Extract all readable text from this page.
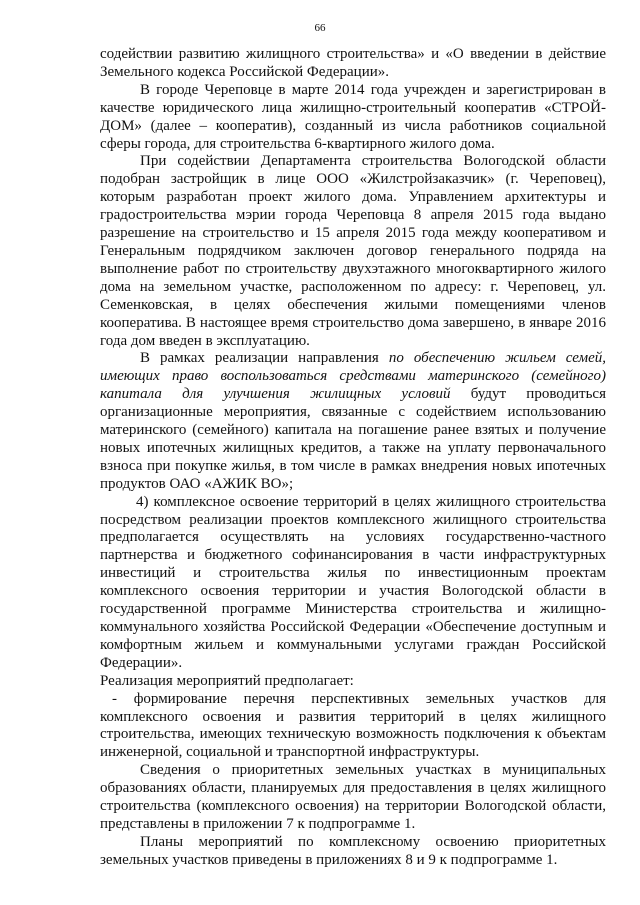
66

содействии развитию жилищного строительства» и «О введении в действие Земельного кодекса Российской Федерации».

В городе Череповце в марте 2014 года учрежден и зарегистрирован в качестве юридического лица жилищно-строительный кооператив «СТРОЙ-ДОМ» (далее – кооператив), созданный из числа работников социальной сферы города, для строительства 6-квартирного жилого дома.

При содействии Департамента строительства Вологодской области подобран застройщик в лице ООО «Жилстройзаказчик» (г. Череповец), которым разработан проект жилого дома. Управлением архитектуры и градостроительства мэрии города Череповца 8 апреля 2015 года выдано разрешение на строительство и 15 апреля 2015 года между кооперативом и Генеральным подрядчиком заключен договор генерального подряда на выполнение работ по строительству двухэтажного многоквартирного жилого дома на земельном участке, расположенном по адресу: г. Череповец, ул. Семенковская, в целях обеспечения жилыми помещениями членов кооператива. В настоящее время строительство дома завершено, в январе 2016 года дом введен в эксплуатацию.

В рамках реализации направления по обеспечению жильем семей, имеющих право воспользоваться средствами материнского (семейного) капитала для улучшения жилищных условий будут проводиться организационные мероприятия, связанные с содействием использованию материнского (семейного) капитала на погашение ранее взятых и получение новых ипотечных жилищных кредитов, а также на уплату первоначального взноса при покупке жилья, в том числе в рамках внедрения новых ипотечных продуктов ОАО «АЖИК ВО»;

4) комплексное освоение территорий в целях жилищного строительства посредством реализации проектов комплексного жилищного строительства предполагается осуществлять на условиях государственно-частного партнерства и бюджетного софинансирования в части инфраструктурных инвестиций и строительства жилья по инвестиционным проектам комплексного освоения территории и участия Вологодской области в государственной программе Министерства строительства и жилищно-коммунального хозяйства Российской Федерации «Обеспечение доступным и комфортным жильем и коммунальными услугами граждан Российской Федерации».

Реализация мероприятий предполагает:

- формирование перечня перспективных земельных участков для комплексного освоения и развития территорий в целях жилищного строительства, имеющих техническую возможность подключения к объектам инженерной, социальной и транспортной инфраструктуры.

Сведения о приоритетных земельных участках в муниципальных образованиях области, планируемых для предоставления в целях жилищного строительства (комплексного освоения) на территории Вологодской области, представлены в приложении 7 к подпрограмме 1.

Планы мероприятий по комплексному освоению приоритетных земельных участков приведены в приложениях 8 и 9 к подпрограмме 1.
